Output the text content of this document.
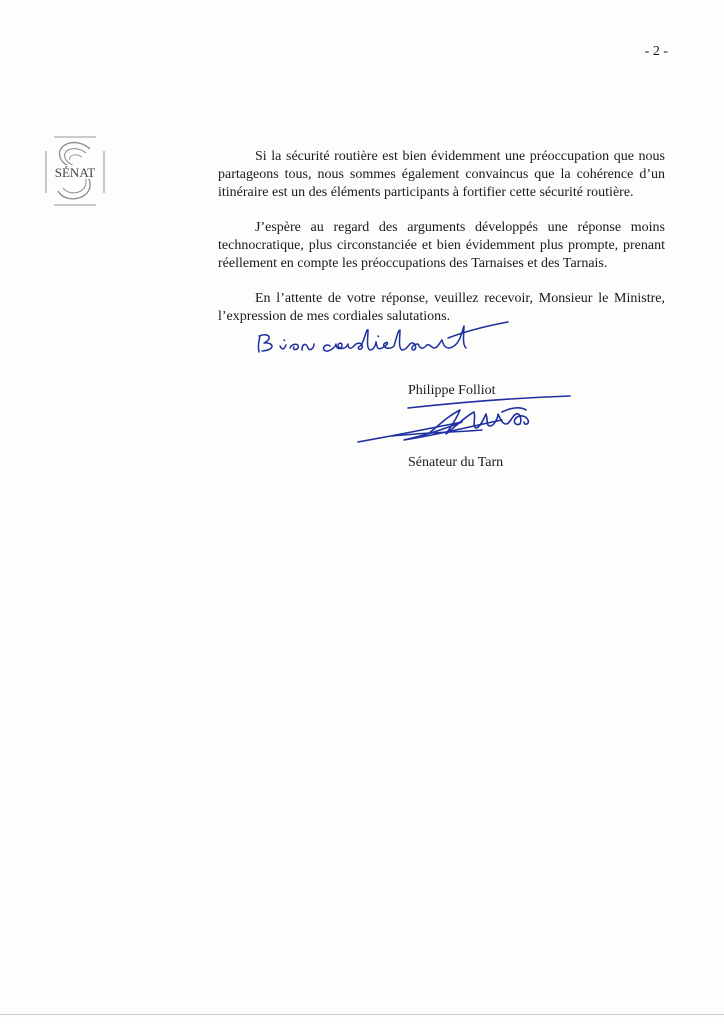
- 2 -
SÉNAT

Si la sécurité routière est bien évidemment une préoccupation que nous partageons tous, nous sommes également convaincus que la cohérence d’un itinéraire est un des éléments participants à fortifier cette sécurité routière.

J’espère au regard des arguments développés une réponse moins technocratique, plus circonstanciée et bien évidemment plus prompte, prenant réellement en compte les préoccupations des Tarnaises et des Tarnais.

En l’attente de votre réponse, veuillez recevoir, Monsieur le Ministre, l’expression de mes cordiales salutations.

Philippe Folliot
Sénateur du Tarn
